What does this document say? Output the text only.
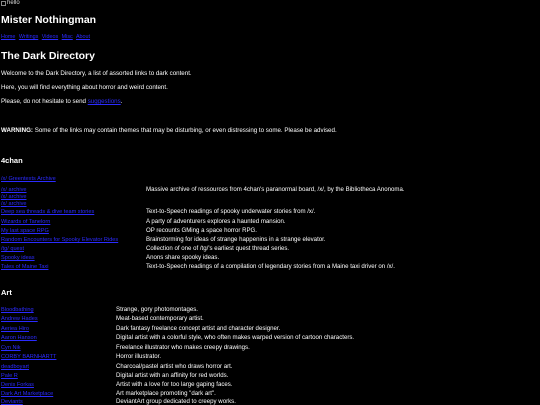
hello
Mister Nothingman
Home Writings Videos Misc About
The Dark Directory
Welcome to the Dark Directory, a list of assorted links to dark content.
Here, you will find everything about horror and weird content.
Please, do not hesitate to send suggestions.
WARNING: Some of the links may contain themes that may be disturbing, or even distressing to some. Please be advised.
4chan
/x/ Greentexts Archive
/x/ archive	Massive archive of ressources from 4chan's paranormal board, /x/, by the Bibliotheca Anonoma.
/x/ archive
/x/ archive
Deep sea threads & dive team stories	Text-to-Speech readings of spooky underwater stories from /x/.
Wizards of Tanelorn	A party of adventurers explores a haunted mansion.
My last space RPG	OP recounts GMing a space horror RPG.
Random Encounters for Spooky Elevator Rides	Brainstorming for ideas of strange happenins in a strange elevator.
/tg/ quest	Collection of one of /tg/'s earliest quest thread series.
Spooky ideas	Anons share spooky ideas.
Tales of Maine Taxi	Text-to-Speech readings of a compilation of legendary stories from a Maine taxi driver on /x/.
Art
Bloodbathing	Strange, gory photomontages.
Andrew Hades	Meat-based contemporary artist.
Aeriea Hiro	Dark fantasy freelance concept artist and character designer.
Aaron Hanson	Digital artist with a colorful style, who often makes warped version of cartoon characters.
Cyn Nik	Freelance illustrator who makes creepy drawings.
CORBY BARNHARTT	Horror illustrator.
deadboyart	Charcoal/pastel artist who draws horror art.
Pale R	Digital artist with an affinity for red worlds.
Denis Forkas	Artist with a love for too large gaping faces.
Dark Art Marketplace	Art marketplace promoting "dark art".
Deviants	DeviantArt group dedicated to creepy works.
